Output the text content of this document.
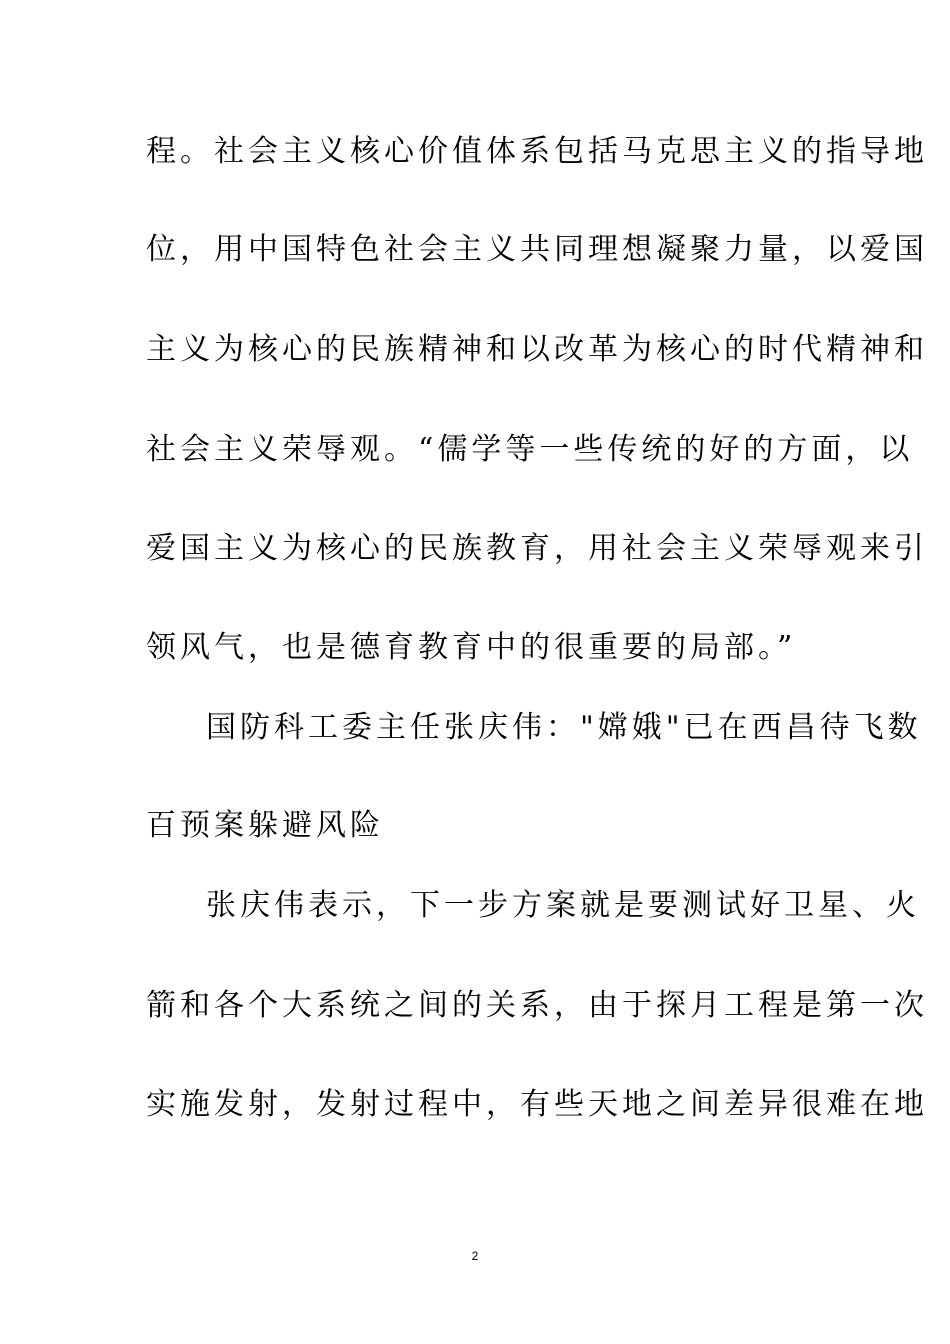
程。社会主义核心价值体系包括马克思主义的指导地
位，用中国特色社会主义共同理想凝聚力量，以爱国
主义为核心的民族精神和以改革为核心的时代精神和
社会主义荣辱观。“儒学等一些传统的好的方面，以
爱国主义为核心的民族教育，用社会主义荣辱观来引
领风气，也是德育教育中的很重要的局部。”
国防科工委主任张庆伟："嫦娥"已在西昌待飞数
百预案躲避风险
张庆伟表示，下一步方案就是要测试好卫星、火
箭和各个大系统之间的关系，由于探月工程是第一次
实施发射，发射过程中，有些天地之间差异很难在地
2
